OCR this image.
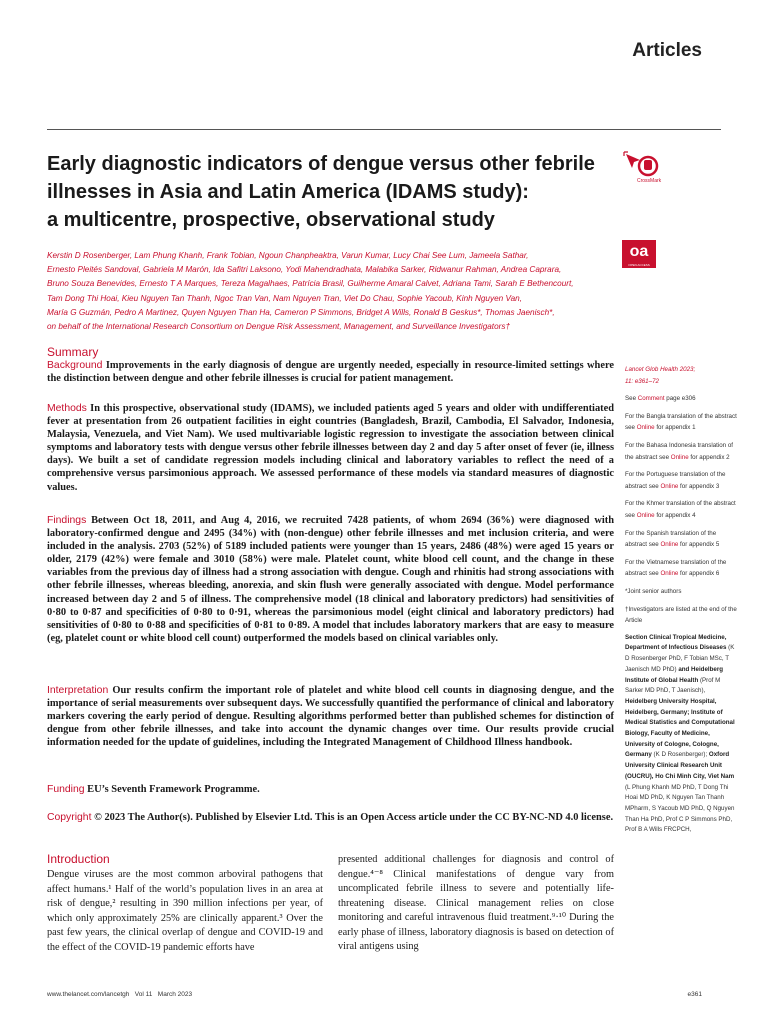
Articles
Early diagnostic indicators of dengue versus other febrile
illnesses in Asia and Latin America (IDAMS study):
a multicentre, prospective, observational study
CrossMark
oa
OPEN ACCESS
Kerstin D Rosenberger, Lam Phung Khanh, Frank Tobian, Ngoun Chanpheaktra, Varun Kumar, Lucy Chai See Lum, Jameela Sathar,
Ernesto Pleités Sandoval, Gabriela M Marón, Ida Safitri Laksono, Yodi Mahendradhata, Malabika Sarker, Ridwanur Rahman, Andrea Caprara,
Bruno Souza Benevides, Ernesto T A Marques, Tereza Magalhaes, Patrícia Brasil, Guilherme Amaral Calvet, Adriana Tami, Sarah E Bethencourt,
Tam Dong Thi Hoai, Kieu Nguyen Tan Thanh, Ngoc Tran Van, Nam Nguyen Tran, Viet Do Chau, Sophie Yacoub, Kinh Nguyen Van,
María G Guzmán, Pedro A Martinez, Quyen Nguyen Than Ha, Cameron P Simmons, Bridget A Wills, Ronald B Geskus*, Thomas Jaenisch*,
on behalf of the International Research Consortium on Dengue Risk Assessment, Management, and Surveillance Investigators†
Summary
Background Improvements in the early diagnosis of dengue are urgently needed, especially in resource-limited settings where the distinction between dengue and other febrile illnesses is crucial for patient management.
Methods In this prospective, observational study (IDAMS), we included patients aged 5 years and older with undifferentiated fever at presentation from 26 outpatient facilities in eight countries (Bangladesh, Brazil, Cambodia, El Salvador, Indonesia, Malaysia, Venezuela, and Viet Nam). We used multivariable logistic regression to investigate the association between clinical symptoms and laboratory tests with dengue versus other febrile illnesses between day 2 and day 5 after onset of fever (ie, illness days). We built a set of candidate regression models including clinical and laboratory variables to reflect the need of a comprehensive versus parsimonious approach. We assessed performance of these models via standard measures of diagnostic values.
Findings Between Oct 18, 2011, and Aug 4, 2016, we recruited 7428 patients, of whom 2694 (36%) were diagnosed with laboratory-confirmed dengue and 2495 (34%) with (non-dengue) other febrile illnesses and met inclusion criteria, and were included in the analysis. 2703 (52%) of 5189 included patients were younger than 15 years, 2486 (48%) were aged 15 years or older, 2179 (42%) were female and 3010 (58%) were male. Platelet count, white blood cell count, and the change in these variables from the previous day of illness had a strong association with dengue. Cough and rhinitis had strong associations with other febrile illnesses, whereas bleeding, anorexia, and skin flush were generally associated with dengue. Model performance increased between day 2 and 5 of illness. The comprehensive model (18 clinical and laboratory predictors) had sensitivities of 0·80 to 0·87 and specificities of 0·80 to 0·91, whereas the parsimonious model (eight clinical and laboratory predictors) had sensitivities of 0·80 to 0·88 and specificities of 0·81 to 0·89. A model that includes laboratory markers that are easy to measure (eg, platelet count or white blood cell count) outperformed the models based on clinical variables only.
Interpretation Our results confirm the important role of platelet and white blood cell counts in diagnosing dengue, and the importance of serial measurements over subsequent days. We successfully quantified the performance of clinical and laboratory markers covering the early period of dengue. Resulting algorithms performed better than published schemes for distinction of dengue from other febrile illnesses, and take into account the dynamic changes over time. Our results provide crucial information needed for the update of guidelines, including the Integrated Management of Childhood Illness handbook.
Funding EU’s Seventh Framework Programme.
Copyright © 2023 The Author(s). Published by Elsevier Ltd. This is an Open Access article under the CC BY-NC-ND 4.0 license.

Lancet Glob Health 2023;
11: e361–72

See Comment page e306

For the Bangla translation of the abstract see Online for appendix 1

For the Bahasa Indonesia translation of the abstract see Online for appendix 2

For the Portuguese translation of the abstract see Online for appendix 3

For the Khmer translation of the abstract see Online for appendix 4

For the Spanish translation of the abstract see Online for appendix 5

For the Vietnamese translation of the abstract see Online for appendix 6

*Joint senior authors

†Investigators are listed at the end of the Article

Section Clinical Tropical Medicine, Department of Infectious Diseases (K D Rosenberger PhD, F Tobian MSc, T Jaenisch MD PhD) and Heidelberg Institute of Global Health (Prof M Sarker MD PhD, T Jaenisch), Heidelberg University Hospital, Heidelberg, Germany; Institute of Medical Statistics and Computational Biology, Faculty of Medicine, University of Cologne, Cologne, Germany (K D Rosenberger); Oxford University Clinical Research Unit (OUCRU), Ho Chi Minh City, Viet Nam (L Phung Khanh MD PhD, T Dong Thi Hoai MD PhD, K Nguyen Tan Thanh MPharm, S Yacoub MD PhD, Q Nguyen Than Ha PhD, Prof C P Simmons PhD, Prof B A Wills FRCPCH,

Introduction
Dengue viruses are the most common arboviral pathogens that affect humans.¹ Half of the world’s population lives in an area at risk of dengue,² resulting in 390 million infections per year, of which only approximately 25% are clinically apparent.³ Over the past few years, the clinical overlap of dengue and COVID-19 and the effect of the COVID-19 pandemic efforts have
presented additional challenges for diagnosis and control of dengue.⁴⁻⁸ Clinical manifestations of dengue vary from uncomplicated febrile illness to severe and potentially life-threatening disease. Clinical management relies on close monitoring and careful intravenous fluid treatment.⁹·¹⁰ During the early phase of illness, laboratory diagnosis is based on detection of viral antigens using
www.thelancet.com/lancetgh   Vol 11   March 2023	e361
